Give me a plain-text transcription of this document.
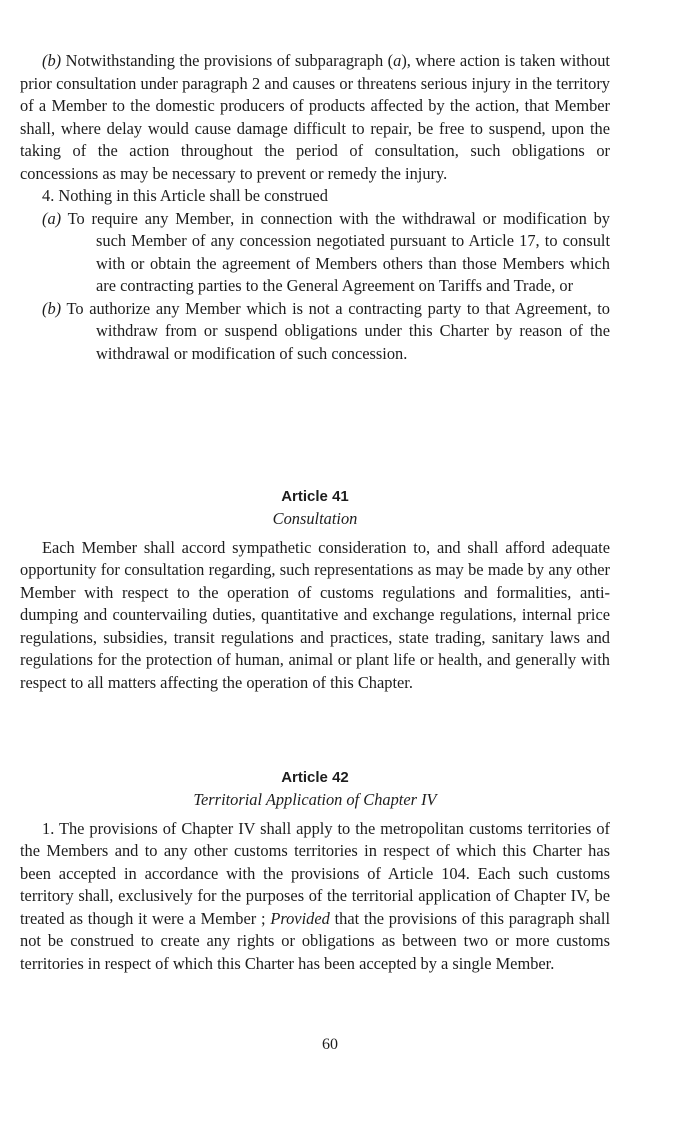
(b) Notwithstanding the provisions of subparagraph (a), where action is taken without prior consultation under paragraph 2 and causes or threatens serious injury in the territory of a Member to the domestic producers of products affected by the action, that Member shall, where delay would cause damage difficult to repair, be free to suspend, upon the taking of the action throughout the period of consultation, such obligations or concessions as may be necessary to prevent or remedy the injury.

4. Nothing in this Article shall be construed

(a) To require any Member, in connection with the withdrawal or modification by such Member of any concession negotiated pursuant to Article 17, to consult with or obtain the agreement of Members others than those Members which are contracting parties to the General Agreement on Tariffs and Trade, or

(b) To authorize any Member which is not a contracting party to that Agreement, to withdraw from or suspend obligations under this Charter by reason of the withdrawal or modification of such concession.

Article 41

Consultation

Each Member shall accord sympathetic consideration to, and shall afford adequate opportunity for consultation regarding, such representations as may be made by any other Member with respect to the operation of customs regulations and formalities, anti-dumping and countervailing duties, quantitative and exchange regulations, internal price regulations, subsidies, transit regulations and practices, state trading, sanitary laws and regulations for the protection of human, animal or plant life or health, and generally with respect to all matters affecting the operation of this Chapter.

Article 42

Territorial Application of Chapter IV

1. The provisions of Chapter IV shall apply to the metropolitan customs territories of the Members and to any other customs territories in respect of which this Charter has been accepted in accordance with the provisions of Article 104. Each such customs territory shall, exclusively for the purposes of the territorial application of Chapter IV, be treated as though it were a Member ; Provided that the provisions of this paragraph shall not be construed to create any rights or obligations as between two or more customs territories in respect of which this Charter has been accepted by a single Member.

60
